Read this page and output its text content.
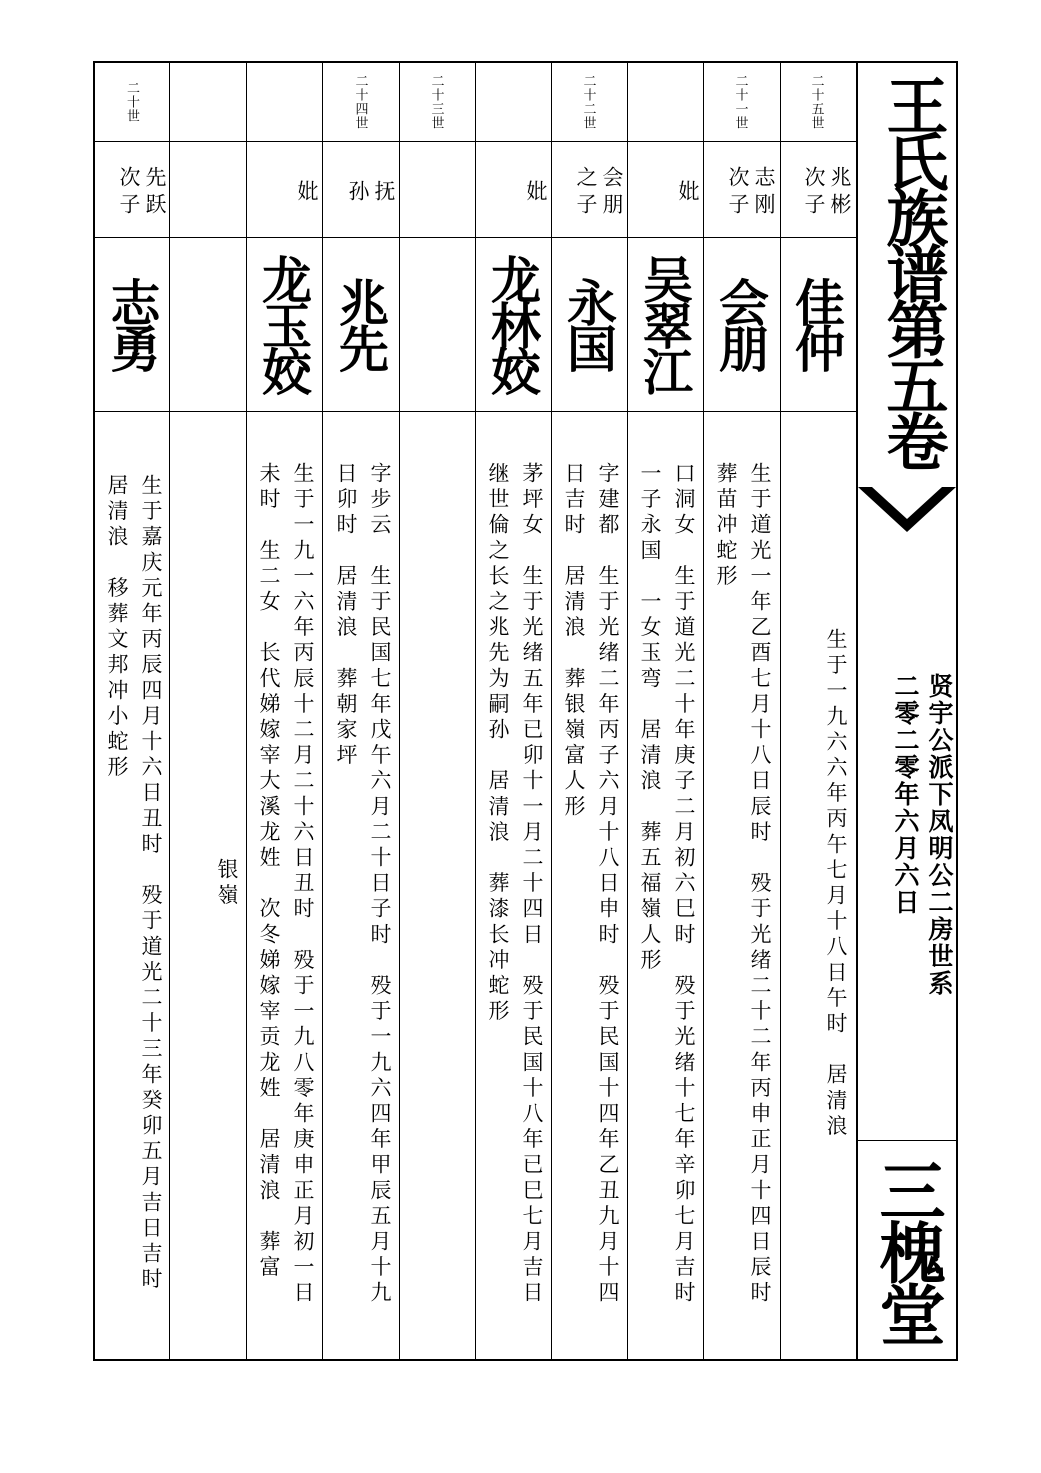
二十五世
兆彬
次子
佳仲
生于一九六六年丙午七月十八日午时　居清浪
二十一世
志刚
次子
会朋
生于道光一年乙酉七月十八日辰时　殁于光绪二十二年丙申正月十四日辰时
葬苗冲蛇形
妣
吴翠江
口洞女　生于道光二十年庚子二月初六巳时　殁于光绪十七年辛卯七月吉时
一子永国　一女玉弯　居清浪　葬五福嶺人形
二十二世
会朋
之子
永国
字建都　生于光绪二年丙子六月十八日申时　殁于民国十四年乙丑九月十四
日吉时　居清浪　葬银嶺富人形
妣
龙林姣
茅坪女　生于光绪五年已卯十一月二十四日　殁于民国十八年已巳七月吉日
继世倫之长之兆先为嗣孙　居清浪　葬漆长冲蛇形
二十三世
二十四世
抚
孙
兆先
字步云　生于民国七年戊午六月二十日子时　殁于一九六四年甲辰五月十九
日卯时　居清浪　葬朝家坪
妣
龙玉姣
生于一九一六年丙辰十二月二十六日丑时　殁于一九八零年庚申正月初一日
未时　生二女　长代娣嫁宰大溪龙姓　次冬娣嫁宰贡龙姓　居清浪　葬富
银嶺
二十世
先跃
次子
志勇
生于嘉庆元年丙辰四月十六日丑时　殁于道光二十三年癸卯五月吉日吉时
居清浪　移葬文邦冲小蛇形
王氏族谱第五卷
贤宇公派下凤明公二房世系
二零二零年六月六日
三槐堂
